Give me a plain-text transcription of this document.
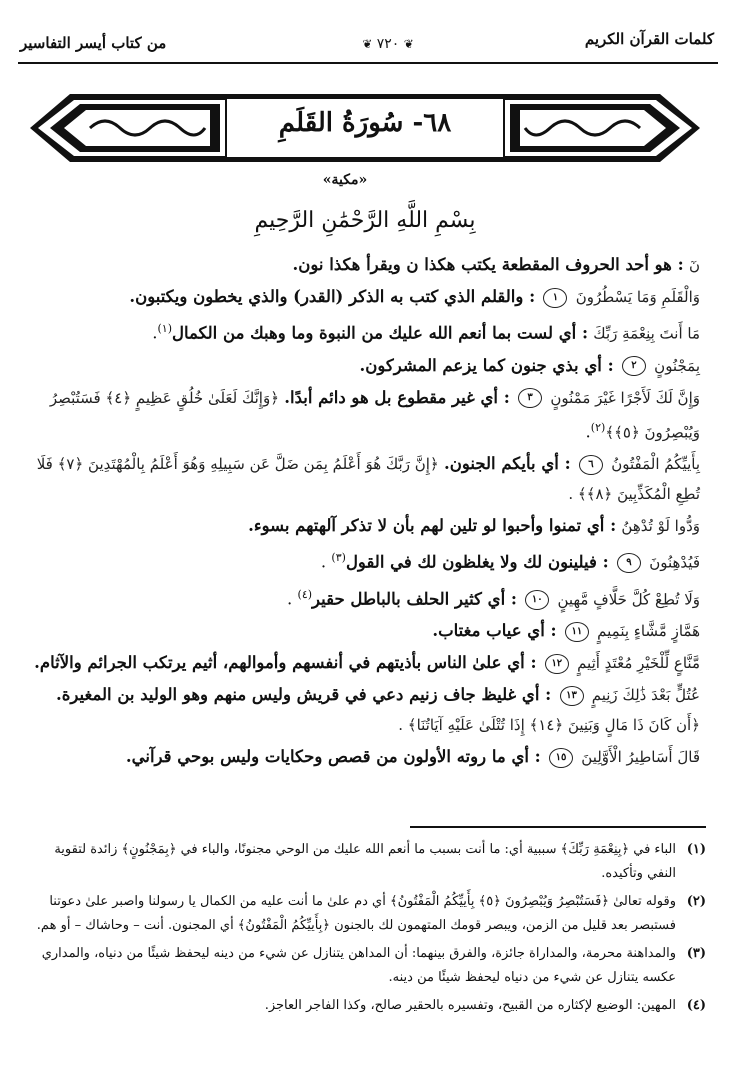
كلمات القرآن الكريم
❦ ٧٢٠ ❦
من كتاب أيسر التفاسير
٦٨- سُورَةُ القَلَمِ
«مكية»
بِسْمِ اللَّهِ الرَّحْمَٰنِ الرَّحِيمِ

نٓ : هو أحد الحروف المقطعة يكتب هكذا ن ويقرأ هكذا نون.

وَالْقَلَمِ وَمَا يَسْطُرُونَ ١ : والقلم الذي كتب به الذكر (القدر) والذي يخطون ويكتبون.

مَا أَنتَ بِنِعْمَةِ رَبِّكَ : أي لست بما أنعم الله عليك من النبوة وما وهبك من الكمال$^{(١)}$.

بِمَجْنُونٍ ٢ : أي بذي جنون كما يزعم المشركون.

وَإِنَّ لَكَ لَأَجْرًا غَيْرَ مَمْنُونٍ ٣ : أي غير مقطوع بل هو دائم أبدًا. ﴿وَإِنَّكَ لَعَلَىٰ خُلُقٍ عَظِيمٍ ﴿٤﴾ فَسَتُبْصِرُ وَيُبْصِرُونَ ﴿٥﴾﴾$^{(٢)}$.

بِأَييِّكُمُ الْمَفْتُونُ ٦ : أي بأيكم الجنون. ﴿إِنَّ رَبَّكَ هُوَ أَعْلَمُ بِمَن ضَلَّ عَن سَبِيلِهِ وَهُوَ أَعْلَمُ بِالْمُهْتَدِينَ ﴿٧﴾ فَلَا تُطِعِ الْمُكَذِّبِينَ ﴿٨﴾﴾ .

وَدُّوا لَوْ تُدْهِنُ : أي تمنوا وأحبوا لو تلين لهم بأن لا تذكر آلهتهم بسوء.

فَيُدْهِنُونَ ٩ : فيلينون لك ولا يغلظون لك في القول$^{(٣)}$ .

وَلَا تُطِعْ كُلَّ حَلَّافٍ مَّهِينٍ ١٠ : أي كثير الحلف بالباطل حقير$^{(٤)}$ .

هَمَّازٍ مَّشَّاءٍ بِنَمِيمٍ ١١ : أي عياب مغتاب.

مَّنَّاعٍ لِّلْخَيْرِ مُعْتَدٍ أَثِيمٍ ١٢ : أي علىٰ الناس بأذيتهم في أنفسهم وأموالهم، أثيم يرتكب الجرائم والآثام.

عُتُلٍّ بَعْدَ ذَٰلِكَ زَنِيمٍ ١٣ : أي غليظ جاف زنيم دعي في قريش وليس منهم وهو الوليد بن المغيرة. ﴿أَن كَانَ ذَا مَالٍ وَبَنِينَ ﴿١٤﴾ إِذَا تُتْلَىٰ عَلَيْهِ آيَاتُنَا﴾ .

قَالَ أَسَاطِيرُ الْأَوَّلِينَ ١٥ : أي ما روته الأولون من قصص وحكايات وليس بوحي قرآني.

(١)
الباء في ﴿بِنِعْمَةِ رَبِّكَ﴾ سببية أي: ما أنت بسبب ما أنعم الله عليك من الوحي مجنونًا، والباء في ﴿بِمَجْنُونٍ﴾ زائدة لتقوية النفي وتأكيده.
(٢)
وقوله تعالىٰ ﴿فَسَتُبْصِرُ وَيُبْصِرُونَ ﴿٥﴾ بِأَييِّكُمُ الْمَفْتُونُ﴾ أي دم علىٰ ما أنت عليه من الكمال يا رسولنا واصبر علىٰ دعوتنا فستبصر بعد قليل من الزمن، ويبصر قومك المتهمون لك بالجنون ﴿بِأَييِّكُمُ الْمَفْتُونُ﴾ أي المجنون. أنت – وحاشاك – أو هم.
(٣)
والمداهنة محرمة، والمداراة جائزة، والفرق بينهما: أن المداهن يتنازل عن شيء من دينه ليحفظ شيئًا من دنياه، والمداري عكسه يتنازل عن شيء من دنياه ليحفظ شيئًا من دينه.
(٤)
المهين: الوضيع لإكثاره من القبيح، وتفسيره بالحقير صالح، وكذا الفاجر العاجز.
